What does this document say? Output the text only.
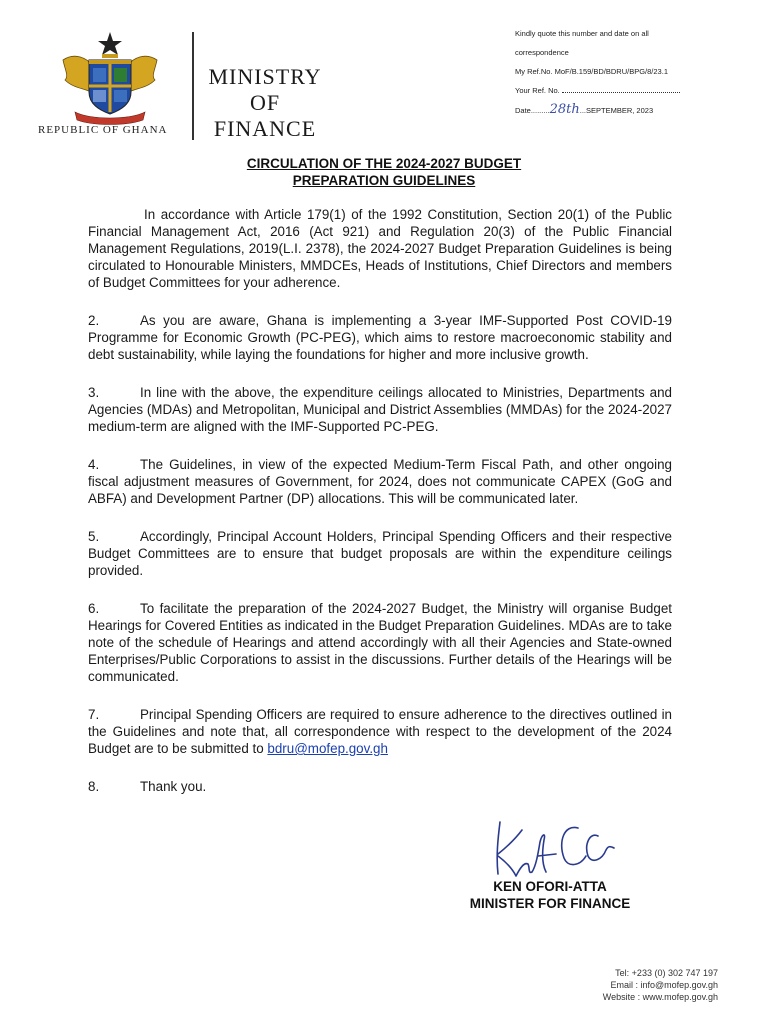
REPUBLIC OF GHANA
MINISTRY
OF
FINANCE
Kindly quote this number and date on all
correspondence
My Ref.No. MoF/B.159/BD/BDRU/BPG/8/23.1
Your Ref. No.
Date.........28th...SEPTEMBER, 2023
CIRCULATION OF THE 2024-2027 BUDGET
PREPARATION GUIDELINES

In accordance with Article 179(1) of the 1992 Constitution, Section 20(1) of the Public Financial Management Act, 2016 (Act 921) and Regulation 20(3) of the Public Financial Management Regulations, 2019(L.I. 2378), the 2024-2027 Budget Preparation Guidelines is being circulated to Honourable Ministers, MMDCEs, Heads of Institutions, Chief Directors and members of Budget Committees for your adherence.

2.	As you are aware, Ghana is implementing a 3-year IMF-Supported Post COVID-19 Programme for Economic Growth (PC-PEG), which aims to restore macroeconomic stability and debt sustainability, while laying the foundations for higher and more inclusive growth.

3.	In line with the above, the expenditure ceilings allocated to Ministries, Departments and Agencies (MDAs) and Metropolitan, Municipal and District Assemblies (MMDAs) for the 2024-2027 medium-term are aligned with the IMF-Supported PC-PEG.

4.	The Guidelines, in view of the expected Medium-Term Fiscal Path, and other ongoing fiscal adjustment measures of Government, for 2024, does not communicate CAPEX (GoG and ABFA) and Development Partner (DP) allocations. This will be communicated later.

5.	Accordingly, Principal Account Holders, Principal Spending Officers and their respective Budget Committees are to ensure that budget proposals are within the expenditure ceilings provided.

6.	To facilitate the preparation of the 2024-2027 Budget, the Ministry will organise Budget Hearings for Covered Entities as indicated in the Budget Preparation Guidelines. MDAs are to take note of the schedule of Hearings and attend accordingly with all their Agencies and State-owned Enterprises/Public Corporations to assist in the discussions. Further details of the Hearings will be communicated.

7.	Principal Spending Officers are required to ensure adherence to the directives outlined in the Guidelines and note that, all correspondence with respect to the development of the 2024 Budget are to be submitted to bdru@mofep.gov.gh

8.	Thank you.

KEN OFORI-ATTA
MINISTER FOR FINANCE
Tel: +233 (0) 302 747 197
Email : info@mofep.gov.gh
Website : www.mofep.gov.gh
